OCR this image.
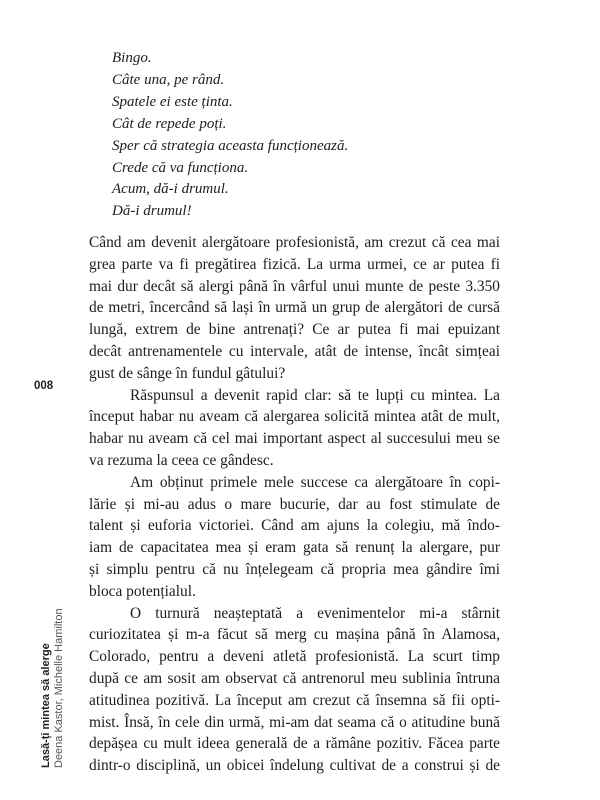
Bingo.
Câte una, pe rând.
Spatele ei este ținta.
Cât de repede poți.
Sper că strategia aceasta funcționează.
Crede că va funcționa.
Acum, dă-i drumul.
Dă-i drumul!
Când am devenit alergătoare profesionistă, am crezut că cea mai
grea parte va fi pregătirea fizică. La urma urmei, ce ar putea fi
mai dur decât să alergi până în vârful unui munte de peste 3.350
de metri, încercând să lași în urmă un grup de alergători de cursă
lungă, extrem de bine antrenați? Ce ar putea fi mai epuizant
decât antrenamentele cu intervale, atât de intense, încât simțeai
gust de sânge în fundul gâtului?
Răspunsul a devenit rapid clar: să te lupți cu mintea. La
început habar nu aveam că alergarea solicită mintea atât de mult,
habar nu aveam că cel mai important aspect al succesului meu se
va rezuma la ceea ce gândesc.
Am obținut primele mele succese ca alergătoare în copi-
lărie și mi-au adus o mare bucurie, dar au fost stimulate de
talent și euforia victoriei. Când am ajuns la colegiu, mă îndo-
iam de capacitatea mea și eram gata să renunț la alergare, pur
și simplu pentru că nu înțelegeam că propria mea gândire îmi
bloca potențialul.
O turnură neașteptată a evenimentelor mi-a stârnit
curiozitatea și m-a făcut să merg cu mașina până în Alamosa,
Colorado, pentru a deveni atletă profesionistă. La scurt timp
după ce am sosit am observat că antrenorul meu sublinia întruna
atitudinea pozitivă. La început am crezut că însemna să fii opti-
mist. Însă, în cele din urmă, mi-am dat seama că o atitudine bună
depășea cu mult ideea generală de a rămâne pozitiv. Făcea parte
dintr-o disciplină, un obicei îndelung cultivat de a construi și de
008
Lasă-ți mintea să alerge Deena Kastor, Michelle Hamilton
